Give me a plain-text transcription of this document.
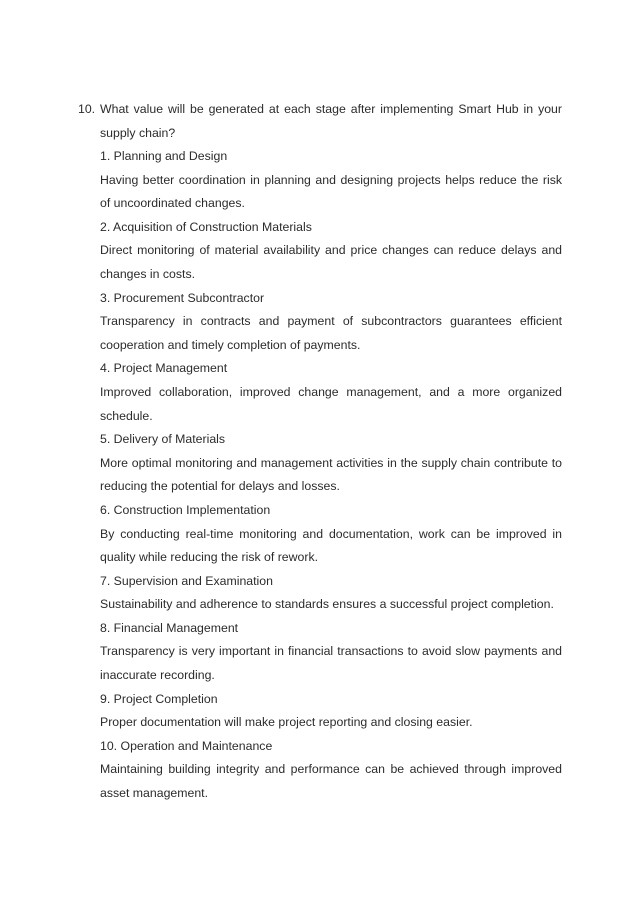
10. What value will be generated at each stage after implementing Smart Hub in your supply chain?

1. Planning and Design

Having better coordination in planning and designing projects helps reduce the risk of uncoordinated changes.

2. Acquisition of Construction Materials

Direct monitoring of material availability and price changes can reduce delays and changes in costs.

3. Procurement Subcontractor

Transparency in contracts and payment of subcontractors guarantees efficient cooperation and timely completion of payments.

4. Project Management

Improved collaboration, improved change management, and a more organized schedule.

5. Delivery of Materials

More optimal monitoring and management activities in the supply chain contribute to reducing the potential for delays and losses.

6. Construction Implementation

By conducting real-time monitoring and documentation, work can be improved in quality while reducing the risk of rework.

7. Supervision and Examination

Sustainability and adherence to standards ensures a successful project completion.

8. Financial Management

Transparency is very important in financial transactions to avoid slow payments and inaccurate recording.

9. Project Completion

Proper documentation will make project reporting and closing easier.

10. Operation and Maintenance

Maintaining building integrity and performance can be achieved through improved asset management.
